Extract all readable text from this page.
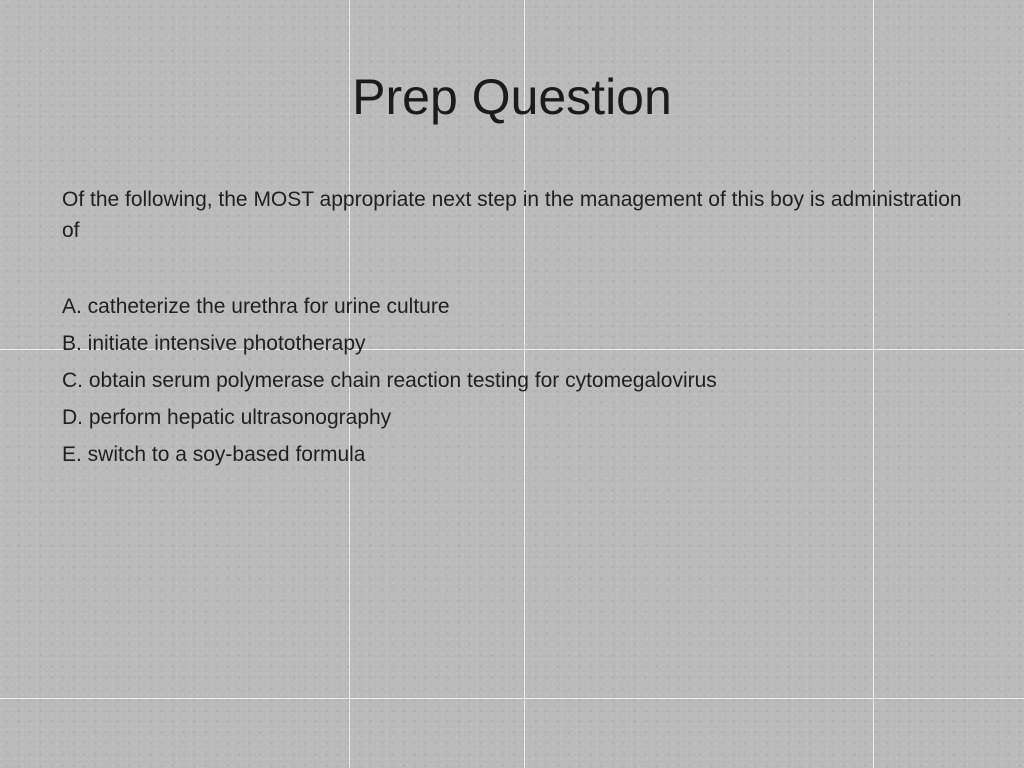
Prep Question
Of the following, the MOST appropriate next step in the management of this boy is administration of
A. catheterize the urethra for urine culture
B. initiate intensive phototherapy
C. obtain serum polymerase chain reaction testing for cytomegalovirus
D. perform hepatic ultrasonography
E. switch to a soy-based formula
